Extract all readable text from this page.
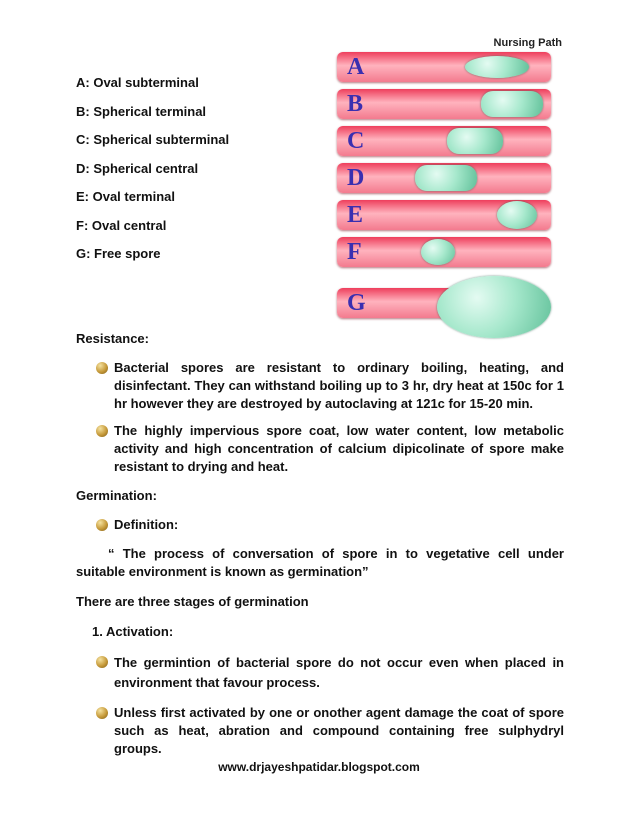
Nursing Path
A: Oval subterminal
B: Spherical terminal
C: Spherical subterminal
D: Spherical central
E: Oval terminal
F: Oval central
G: Free spore
A
B
C
D
E
F
G

Resistance:

Bacterial spores are resistant to ordinary boiling, heating, and disinfectant. They can withstand boiling up to 3 hr, dry heat at 150c for 1 hr however they are destroyed by autoclaving at 121c for 15-20 min.

The highly impervious spore coat, low water content, low metabolic activity and high concentration of calcium dipicolinate of spore make resistant to drying and heat.

Germination:

Definition:

“ The process of conversation of spore in to vegetative cell under suitable environment is known as germination”

There are three stages of germination

1. Activation:

The germintion of bacterial spore do not occur even when placed in environment that favour process.

Unless first activated by one or onother agent damage the coat of spore such as heat, abration and compound containing free sulphydryl groups.

www.drjayeshpatidar.blogspot.com
